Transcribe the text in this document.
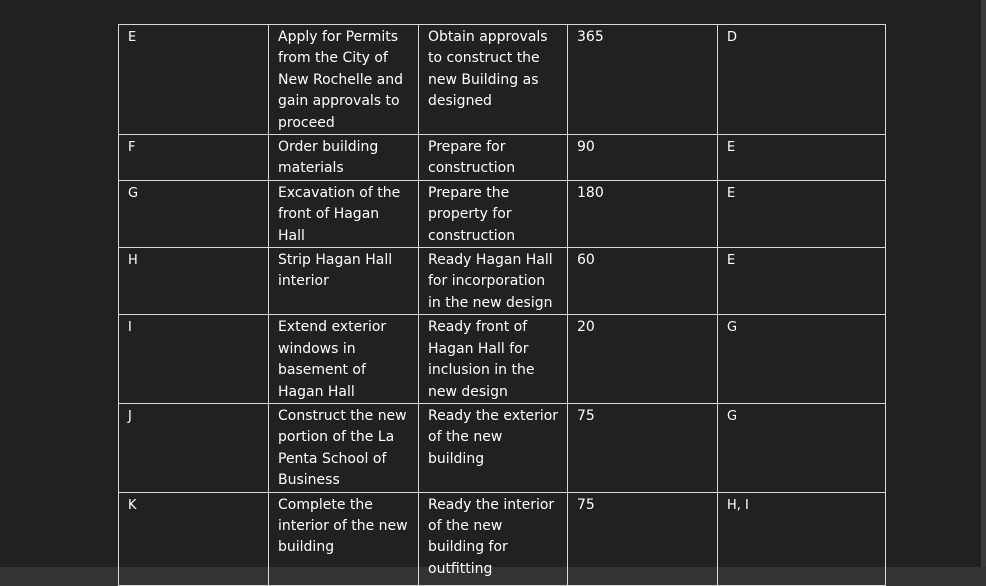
E	Apply for Permits from the City of New Rochelle and gain approvals to proceed	Obtain approvals to construct the new Building as designed	365	D
F	Order building materials	Prepare for construction	90	E
G	Excavation of the front of Hagan Hall	Prepare the property for construction	180	E
H	Strip Hagan Hall interior	Ready Hagan Hall for incorporation in the new design	60	E
I	Extend exterior windows in basement of Hagan Hall	Ready front of Hagan Hall for inclusion in the new design	20	G
J	Construct the new portion of the La Penta School of Business	Ready the exterior of the new building	75	G
K	Complete the interior of the new building	Ready the interior of the new building for outfitting	75	H, I
